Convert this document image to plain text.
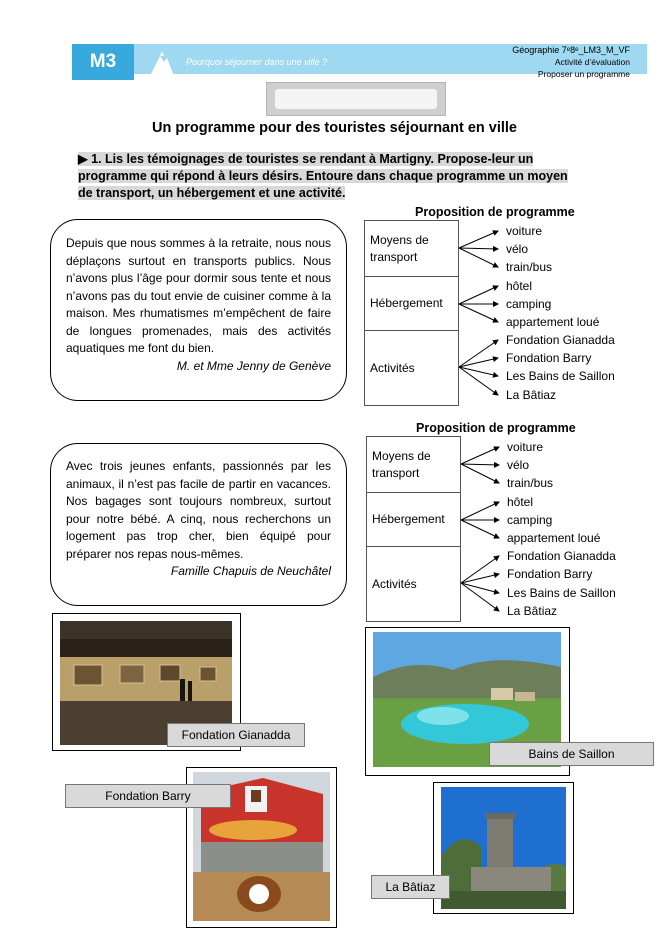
M3	Pourquoi séjourner dans une ville ?
Géographie 7ᵉ8ᵉ_LM3_M_VF
Activité d’évaluation
Proposer un programme
Un programme pour des touristes séjournant en ville
▶ 1. Lis les témoignages de touristes se rendant à Martigny. Propose-leur un programme qui répond à leurs désirs. Entoure dans chaque programme un moyen de transport, un hébergement et une activité.
Depuis que nous sommes à la retraite, nous nous déplaçons surtout en transports publics. Nous n’avons plus l’âge pour dormir sous tente et nous n’avons pas du tout envie de cuisiner comme à la maison. Mes rhumatismes m’empêchent de faire de longues promenades, mais des activités aquatiques me font du bien.
M. et Mme Jenny de Genève
Avec trois jeunes enfants, passionnés par les animaux, il n’est pas facile de partir en vacances. Nos bagages sont toujours nombreux, surtout pour notre bébé. A cinq, nous recherchons un logement pas trop cher, bien équipé pour préparer nos repas nous-mêmes.
Famille Chapuis de Neuchâtel
Proposition de programme
Moyens de transport
Hébergement
Activités
voiture
vélo
train/bus
hôtel
camping
appartement loué
Fondation Gianadda
Fondation Barry
Les Bains de Saillon
La Bâtiaz
Proposition de programme
Moyens de transport
Hébergement
Activités
voiture
vélo
train/bus
hôtel
camping
appartement loué
Fondation Gianadda
Fondation Barry
Les Bains de Saillon
La Bâtiaz
Fondation Gianadda
Bains de Saillon
Fondation Barry
La Bâtiaz
